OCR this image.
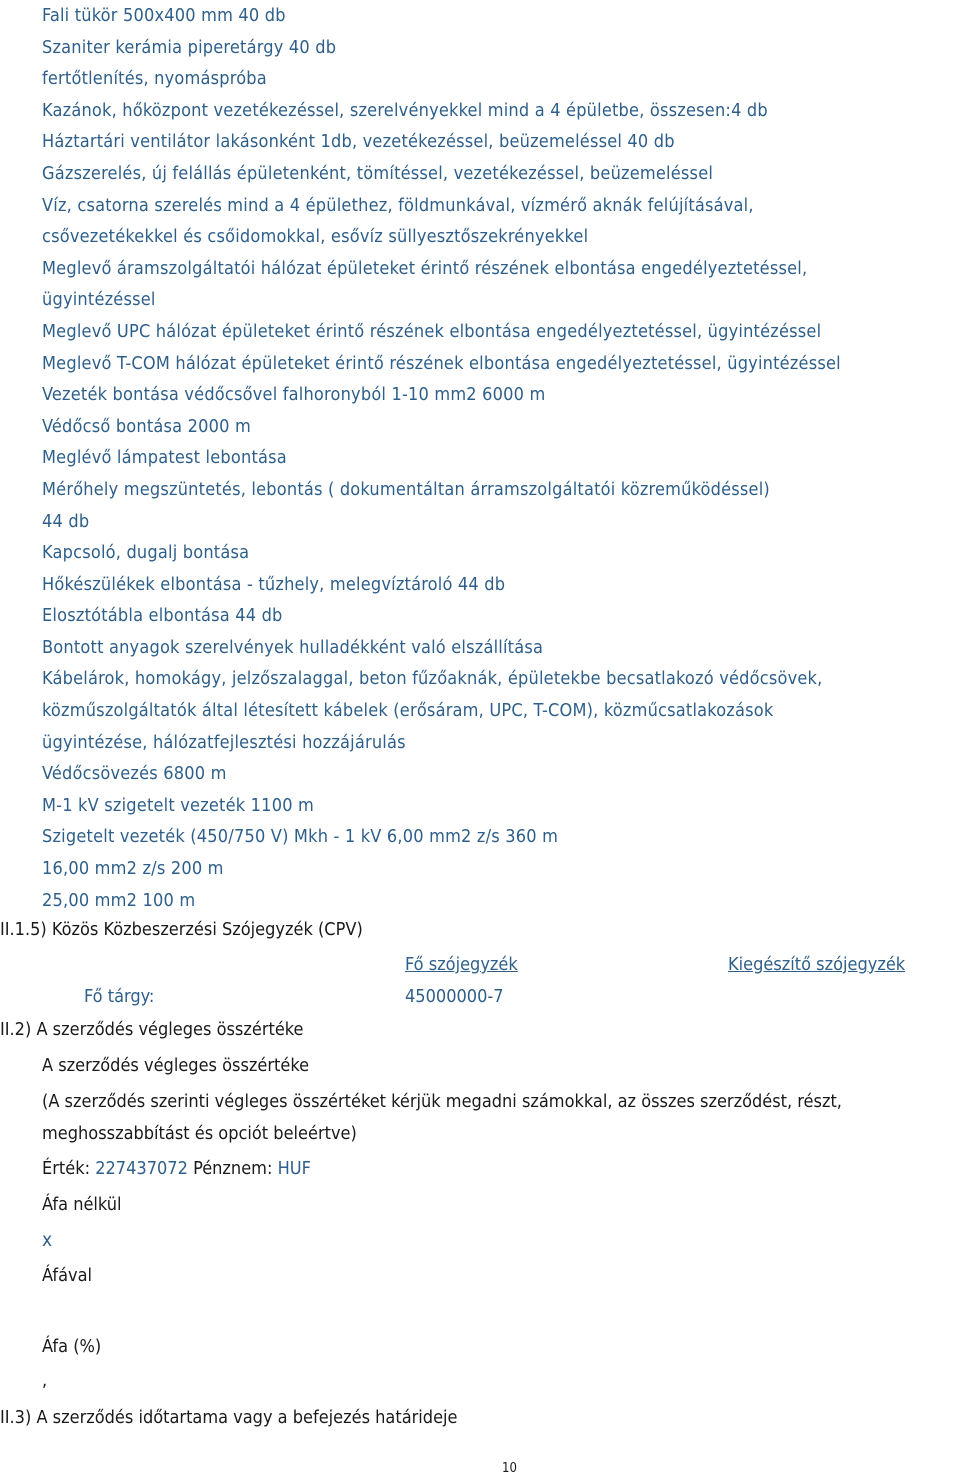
Fali tükör 500x400 mm 40 db
Szaniter kerámia piperetárgy 40 db
fertőtlenítés, nyomáspróba
Kazánok, hőközpont vezetékezéssel, szerelvényekkel mind a 4 épületbe, összesen:4 db
Háztartári ventilátor lakásonként 1db, vezetékezéssel, beüzemeléssel 40 db
Gázszerelés, új felállás épületenként, tömítéssel, vezetékezéssel, beüzemeléssel
Víz, csatorna szerelés mind a 4 épülethez, földmunkával, vízmérő aknák felújításával,
csővezetékekkel és csőidomokkal, esővíz süllyesztőszekrényekkel
Meglevő áramszolgáltatói hálózat épületeket érintő részének elbontása engedélyeztetéssel,
ügyintézéssel
Meglevő UPC hálózat épületeket érintő részének elbontása engedélyeztetéssel, ügyintézéssel
Meglevő T-COM hálózat épületeket érintő részének elbontása engedélyeztetéssel, ügyintézéssel
Vezeték bontása védőcsővel falhoronyból 1-10 mm2 6000 m
Védőcső bontása 2000 m
Meglévő lámpatest lebontása
Mérőhely megszüntetés, lebontás ( dokumentáltan árramszolgáltatói közreműködéssel)
44 db
Kapcsoló, dugalj bontása
Hőkészülékek elbontása - tűzhely, melegvíztároló 44 db
Elosztótábla elbontása 44 db
Bontott anyagok szerelvények hulladékként való elszállítása
Kábelárok, homokágy, jelzőszalaggal, beton fűzőaknák, épületekbe becsatlakozó védőcsövek,
közműszolgáltatók által létesített kábelek (erősáram, UPC, T-COM), közműcsatlakozások
ügyintézése, hálózatfejlesztési hozzájárulás
Védőcsövezés 6800 m
M-1 kV szigetelt vezeték 1100 m
Szigetelt vezeték (450/750 V) Mkh - 1 kV 6,00 mm2 z/s 360 m
16,00 mm2 z/s 200 m
25,00 mm2 100 m
II.1.5) Közös Közbeszerzési Szójegyzék (CPV)
Fő szójegyzék	Kiegészítő szójegyzék
Fő tárgy:	45000000-7
II.2) A szerződés végleges összértéke
A szerződés végleges összértéke
(A szerződés szerinti végleges összértéket kérjük megadni számokkal, az összes szerződést, részt,
meghosszabbítást és opciót beleértve)
Érték: 227437072 Pénznem: HUF
Áfa nélkül
x
Áfával
Áfa (%)
,
II.3) A szerződés időtartama vagy a befejezés határideje
10
